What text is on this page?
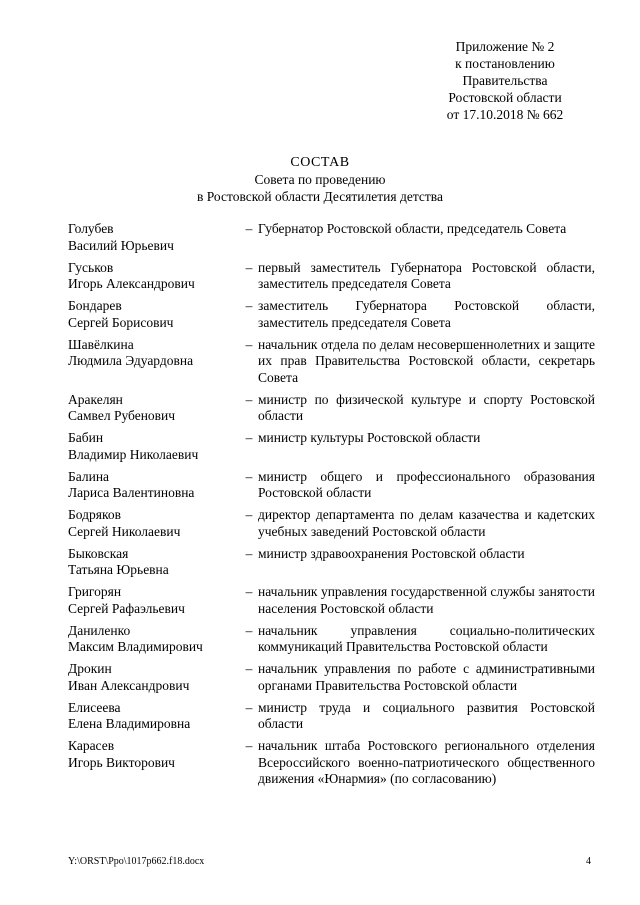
Приложение № 2
к постановлению
Правительства
Ростовской области
от 17.10.2018 № 662
СОСТАВ
Совета по проведению
в Ростовской области Десятилетия детства
Голубев
Василий Юрьевич
– Губернатор Ростовской области, председатель Совета
Гуськов
Игорь Александрович
– первый заместитель Губернатора Ростовской области, заместитель председателя Совета
Бондарев
Сергей Борисович
– заместитель Губернатора Ростовской области, заместитель председателя Совета
Шавёлкина
Людмила Эдуардовна
– начальник отдела по делам несовершеннолетних и защите их прав Правительства Ростовской области, секретарь Совета
Аракелян
Самвел Рубенович
– министр по физической культуре и спорту Ростовской области
Бабин
Владимир Николаевич
– министр культуры Ростовской области
Балина
Лариса Валентиновна
– министр общего и профессионального образования Ростовской области
Бодряков
Сергей Николаевич
– директор департамента по делам казачества и кадетских учебных заведений Ростовской области
Быковская
Татьяна Юрьевна
– министр здравоохранения Ростовской области
Григорян
Сергей Рафаэльевич
– начальник управления государственной службы занятости населения Ростовской области
Даниленко
Максим Владимирович
– начальник управления социально-политических коммуникаций Правительства Ростовской области
Дрокин
Иван Александрович
– начальник управления по работе с административными органами Правительства Ростовской области
Елисеева
Елена Владимировна
– министр труда и социального развития Ростовской области
Карасев
Игорь Викторович
– начальник штаба Ростовского регионального отделения Всероссийского военно-патриотического общественного движения «Юнармия» (по согласованию)
Y:\ORST\Ppo\1017p662.f18.docx	4
